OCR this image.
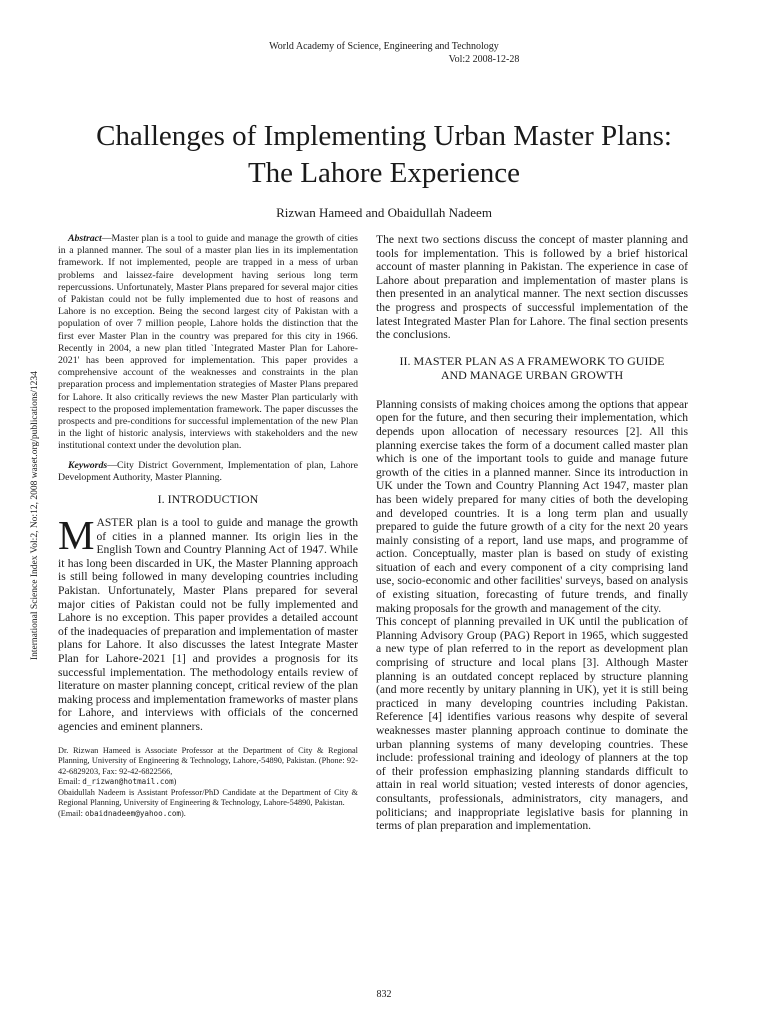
World Academy of Science, Engineering and Technology
Vol:2 2008-12-28
Challenges of Implementing Urban Master Plans:
The Lahore Experience
Rizwan Hameed and Obaidullah Nadeem
International Science Index Vol:2, No:12, 2008 waset.org/publications/1234

Abstract—Master plan is a tool to guide and manage the growth of cities in a planned manner. The soul of a master plan lies in its implementation framework. If not implemented, people are trapped in a mess of urban problems and laissez-faire development having serious long term repercussions. Unfortunately, Master Plans prepared for several major cities of Pakistan could not be fully implemented due to host of reasons and Lahore is no exception. Being the second largest city of Pakistan with a population of over 7 million people, Lahore holds the distinction that the first ever Master Plan in the country was prepared for this city in 1966. Recently in 2004, a new plan titled `Integrated Master Plan for Lahore-2021' has been approved for implementation. This paper provides a comprehensive account of the weaknesses and constraints in the plan preparation process and implementation strategies of Master Plans prepared for Lahore. It also critically reviews the new Master Plan particularly with respect to the proposed implementation framework. The paper discusses the prospects and pre-conditions for successful implementation of the new Plan in the light of historic analysis, interviews with stakeholders and the new institutional context under the devolution plan.

Keywords—City District Government, Implementation of plan, Lahore Development Authority, Master Planning.

I. INTRODUCTION

MASTER plan is a tool to guide and manage the growth of cities in a planned manner. Its origin lies in the English Town and Country Planning Act of 1947. While it has long been discarded in UK, the Master Planning approach is still being followed in many developing countries including Pakistan. Unfortunately, Master Plans prepared for several major cities of Pakistan could not be fully implemented and Lahore is no exception. This paper provides a detailed account of the inadequacies of preparation and implementation of master plans for Lahore. It also discusses the latest Integrate Master Plan for Lahore-2021 [1] and provides a prognosis for its successful implementation. The methodology entails review of literature on master planning concept, critical review of the plan making process and implementation frameworks of master plans for Lahore, and interviews with officials of the concerned agencies and eminent planners.

Dr. Rizwan Hameed is Associate Professor at the Department of City & Regional Planning, University of Engineering & Technology, Lahore,-54890, Pakistan. (Phone: 92-42-6829203, Fax: 92-42-6822566,
Email: d_rizwan@hotmail.com)
Obaidullah Nadeem is Assistant Professor/PhD Candidate at the Department of City & Regional Planning, University of Engineering & Technology, Lahore-54890, Pakistan.
(Email: obaidnadeem@yahoo.com).

The next two sections discuss the concept of master planning and tools for implementation. This is followed by a brief historical account of master planning in Pakistan. The experience in case of Lahore about preparation and implementation of master plans is then presented in an analytical manner. The next section discusses the progress and prospects of successful implementation of the latest Integrated Master Plan for Lahore. The final section presents the conclusions.

II. MASTER PLAN AS A FRAMEWORK TO GUIDE
AND MANAGE URBAN GROWTH

Planning consists of making choices among the options that appear open for the future, and then securing their implementation, which depends upon allocation of necessary resources [2]. All this planning exercise takes the form of a document called master plan which is one of the important tools to guide and manage future growth of the cities in a planned manner. Since its introduction in UK under the Town and Country Planning Act 1947, master plan has been widely prepared for many cities of both the developing and developed countries. It is a long term plan and usually prepared to guide the future growth of a city for the next 20 years mainly consisting of a report, land use maps, and programme of action. Conceptually, master plan is based on study of existing situation of each and every component of a city comprising land use, socio-economic and other facilities' surveys, based on analysis of existing situation, forecasting of future trends, and finally making proposals for the growth and management of the city.

This concept of planning prevailed in UK until the publication of Planning Advisory Group (PAG) Report in 1965, which suggested a new type of plan referred to in the report as development plan comprising of structure and local plans [3]. Although Master planning is an outdated concept replaced by structure planning (and more recently by unitary planning in UK), yet it is still being practiced in many developing countries including Pakistan. Reference [4] identifies various reasons why despite of several weaknesses master planning approach continue to dominate the urban planning systems of many developing countries. These include: professional training and ideology of planners at the top of their profession emphasizing planning standards difficult to attain in real world situation; vested interests of donor agencies, consultants, professionals, administrators, city managers, and politicians; and inappropriate legislative basis for planning in terms of plan preparation and implementation.

832
